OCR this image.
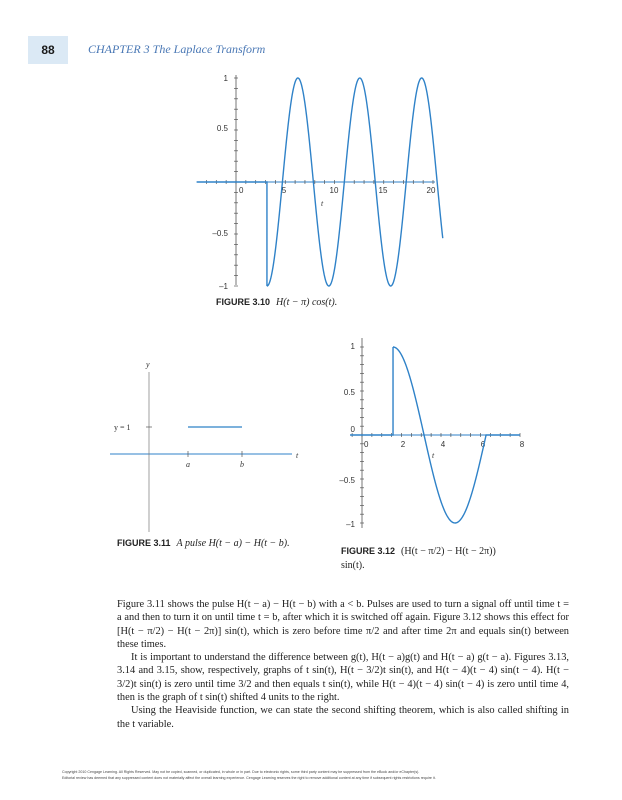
88	CHAPTER 3 The Laplace Transform
0	5	10	15	20
t
1
0.5
–0.5
–1
y
y = 1
a	b
t
0	2	4	6	8
t
1
0.5
0
–0.5
–1
FIGURE 3.10 H(t − π) cos(t).
FIGURE 3.11 A pulse H(t − a) − H(t − b).
FIGURE 3.12 (H(t − π/2) − H(t − 2π))
sin(t).

Figure 3.11 shows the pulse H(t − a) − H(t − b) with a < b. Pulses are used to turn a signal off until time t = a and then to turn it on until time t = b, after which it is switched off again. Figure 3.12 shows this effect for [H(t − π/2) − H(t − 2π)] sin(t), which is zero before time π/2 and after time 2π and equals sin(t) between these times.

It is important to understand the difference between g(t), H(t − a)g(t) and H(t − a) g(t − a). Figures 3.13, 3.14 and 3.15, show, respectively, graphs of t sin(t), H(t − 3/2)t sin(t), and H(t − 4)(t − 4) sin(t − 4). H(t − 3/2)t sin(t) is zero until time 3/2 and then equals t sin(t), while H(t − 4)(t − 4) sin(t − 4) is zero until time 4, then is the graph of t sin(t) shifted 4 units to the right.

Using the Heaviside function, we can state the second shifting theorem, which is also called shifting in the t variable.

Copyright 2010 Cengage Learning. All Rights Reserved. May not be copied, scanned, or duplicated, in whole or in part. Due to electronic rights, some third party content may be suppressed from the eBook and/or eChapter(s).
Editorial review has deemed that any suppressed content does not materially affect the overall learning experience. Cengage Learning reserves the right to remove additional content at any time if subsequent rights restrictions require it.
